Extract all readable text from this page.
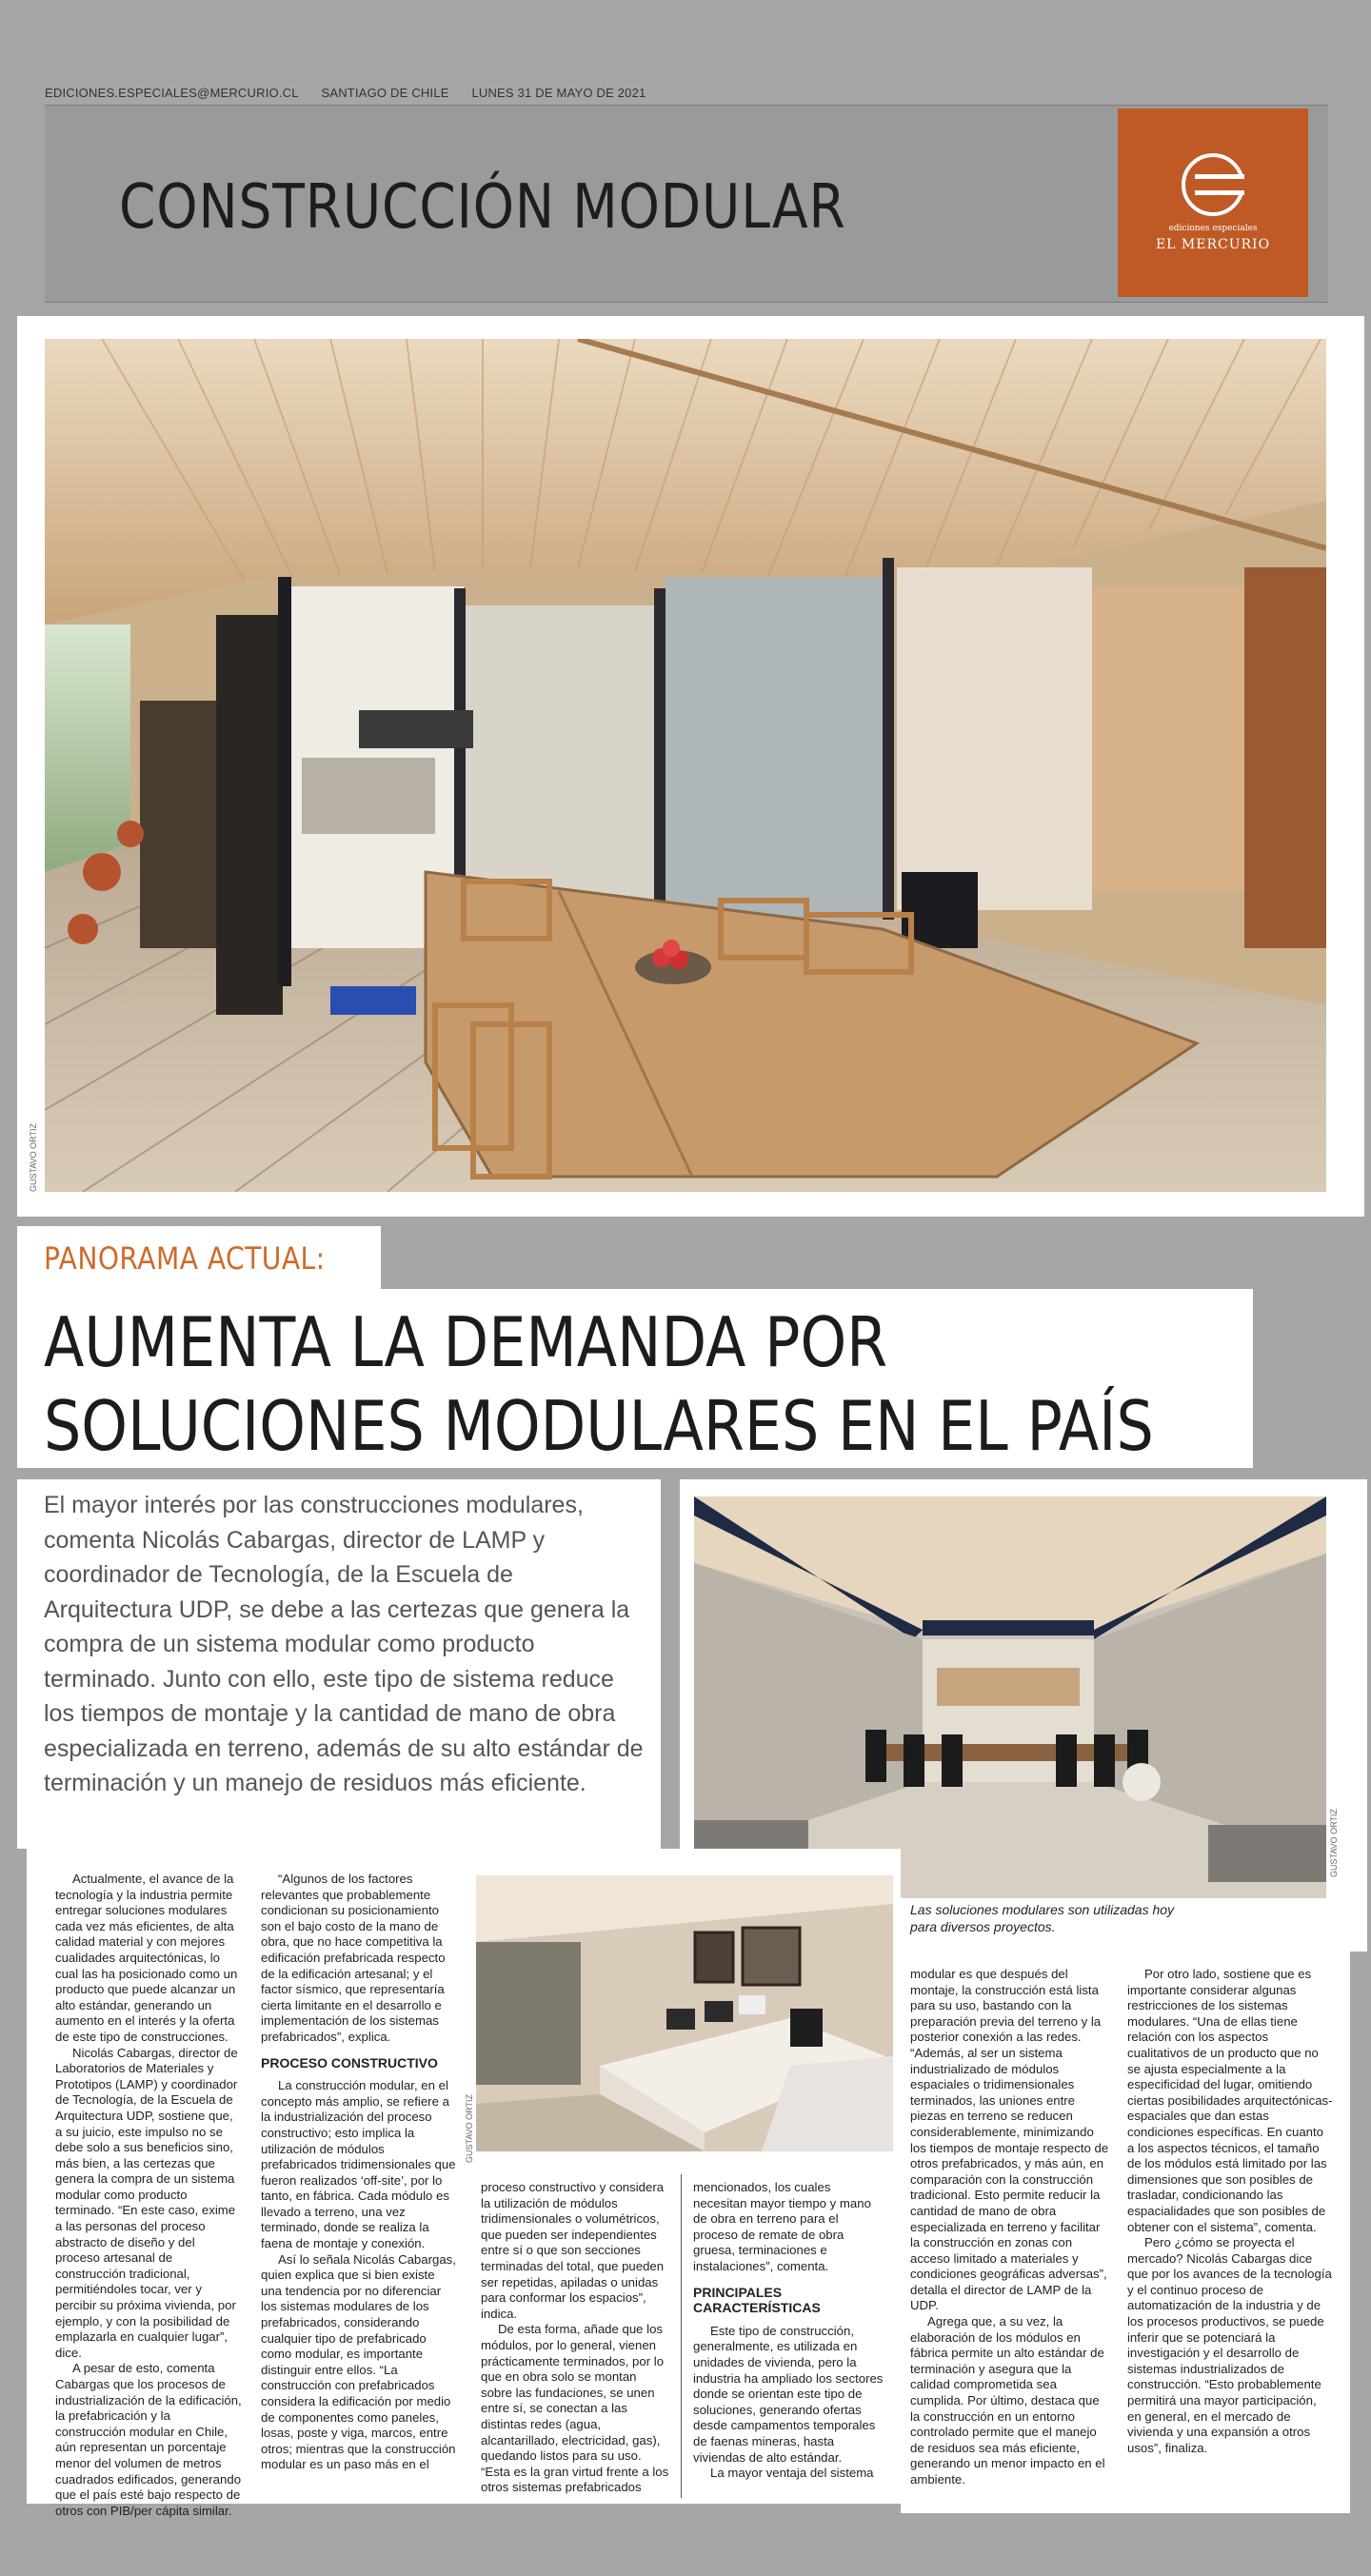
EDICIONES.ESPECIALES@MERCURIO.CL SANTIAGO DE CHILE LUNES 31 DE MAYO DE 2021
CONSTRUCCIÓN MODULAR	ediciones especiales
EL MERCURIO
GUSTAVO ORTIZ
PANORAMA ACTUAL:
AUMENTA LA DEMANDA POR
SOLUCIONES MODULARES EN EL PAÍS
El mayor interés por las construcciones modulares, comenta Nicolás Cabargas, director de LAMP y coordinador de Tecnología, de la Escuela de Arquitectura UDP, se debe a las certezas que genera la compra de un sistema modular como producto terminado. Junto con ello, este tipo de sistema reduce los tiempos de montaje y la cantidad de mano de obra especializada en terreno, además de su alto estándar de terminación y un manejo de residuos más eficiente.
GUSTAVO ORTIZ
Las soluciones modulares son utilizadas hoy para diversos proyectos.
GUSTAVO ORTIZ

Actualmente, el avance de la tecnología y la industria permite entregar soluciones modulares cada vez más eficientes, de alta calidad material y con mejores cualidades arquitectónicas, lo cual las ha posicionado como un producto que puede alcanzar un alto estándar, generando un aumento en el interés y la oferta de este tipo de construcciones.

Nicolás Cabargas, director de Laboratorios de Materiales y Prototipos (LAMP) y coordinador de Tecnología, de la Escuela de Arquitectura UDP, sostiene que, a su juicio, este impulso no se debe solo a sus beneficios sino, más bien, a las certezas que genera la compra de un sistema modular como producto terminado. “En este caso, exime a las personas del proceso abstracto de diseño y del proceso artesanal de construcción tradicional, permitiéndoles tocar, ver y percibir su próxima vivienda, por ejemplo, y con la posibilidad de emplazarla en cualquier lugar”, dice.

A pesar de esto, comenta Cabargas que los procesos de industrialización de la edificación, la prefabricación y la construcción modular en Chile, aún representan un porcentaje menor del volumen de metros cuadrados edificados, generando que el país esté bajo respecto de otros con PIB/per cápita similar.

“Algunos de los factores relevantes que probablemente condicionan su posicionamiento son el bajo costo de la mano de obra, que no hace competitiva la edificación prefabricada respecto de la edificación artesanal; y el factor sísmico, que representaría cierta limitante en el desarrollo e implementación de los sistemas prefabricados”, explica.

PROCESO CONSTRUCTIVO

La construcción modular, en el concepto más amplio, se refiere a la industrialización del proceso constructivo; esto implica la utilización de módulos prefabricados tridimensionales que fueron realizados ‘off-site’, por lo tanto, en fábrica. Cada módulo es llevado a terreno, una vez terminado, donde se realiza la faena de montaje y conexión.

Así lo señala Nicolás Cabargas, quien explica que si bien existe una tendencia por no diferenciar los sistemas modulares de los prefabricados, considerando cualquier tipo de prefabricado como modular, es importante distinguir entre ellos. “La construcción con prefabricados considera la edificación por medio de componentes como paneles, losas, poste y viga, marcos, entre otros; mientras que la construcción modular es un paso más en el

proceso constructivo y considera la utilización de módulos tridimensionales o volumétricos, que pueden ser independientes entre sí o que son secciones terminadas del total, que pueden ser repetidas, apiladas o unidas para conformar los espacios”, indica.

De esta forma, añade que los módulos, por lo general, vienen prácticamente terminados, por lo que en obra solo se montan sobre las fundaciones, se unen entre sí, se conectan a las distintas redes (agua, alcantarillado, electricidad, gas), quedando listos para su uso. “Esta es la gran virtud frente a los otros sistemas prefabricados

mencionados, los cuales necesitan mayor tiempo y mano de obra en terreno para el proceso de remate de obra gruesa, terminaciones e instalaciones”, comenta.

PRINCIPALES CARACTERÍSTICAS

Este tipo de construcción, generalmente, es utilizada en unidades de vivienda, pero la industria ha ampliado los sectores donde se orientan este tipo de soluciones, generando ofertas desde campamentos temporales de faenas mineras, hasta viviendas de alto estándar.

La mayor ventaja del sistema

modular es que después del montaje, la construcción está lista para su uso, bastando con la preparación previa del terreno y la posterior conexión a las redes. “Además, al ser un sistema industrializado de módulos espaciales o tridimensionales terminados, las uniones entre piezas en terreno se reducen considerablemente, minimizando los tiempos de montaje respecto de otros prefabricados, y más aún, en comparación con la construcción tradicional. Esto permite reducir la cantidad de mano de obra especializada en terreno y facilitar la construcción en zonas con acceso limitado a materiales y condiciones geográficas adversas”, detalla el director de LAMP de la UDP.

Agrega que, a su vez, la elaboración de los módulos en fábrica permite un alto estándar de terminación y asegura que la calidad comprometida sea cumplida. Por último, destaca que la construcción en un entorno controlado permite que el manejo de residuos sea más eficiente, generando un menor impacto en el ambiente.

Por otro lado, sostiene que es importante considerar algunas restricciones de los sistemas modulares. “Una de ellas tiene relación con los aspectos cualitativos de un producto que no se ajusta especialmente a la especificidad del lugar, omitiendo ciertas posibilidades arquitectónicas-espaciales que dan estas condiciones específicas. En cuanto a los aspectos técnicos, el tamaño de los módulos está limitado por las dimensiones que son posibles de trasladar, condicionando las espacialidades que son posibles de obtener con el sistema”, comenta.

Pero ¿cómo se proyecta el mercado? Nicolás Cabargas dice que por los avances de la tecnología y el continuo proceso de automatización de la industria y de los procesos productivos, se puede inferir que se potenciará la investigación y el desarrollo de sistemas industrializados de construcción. “Esto probablemente permitirá una mayor participación, en general, en el mercado de vivienda y una expansión a otros usos”, finaliza.
